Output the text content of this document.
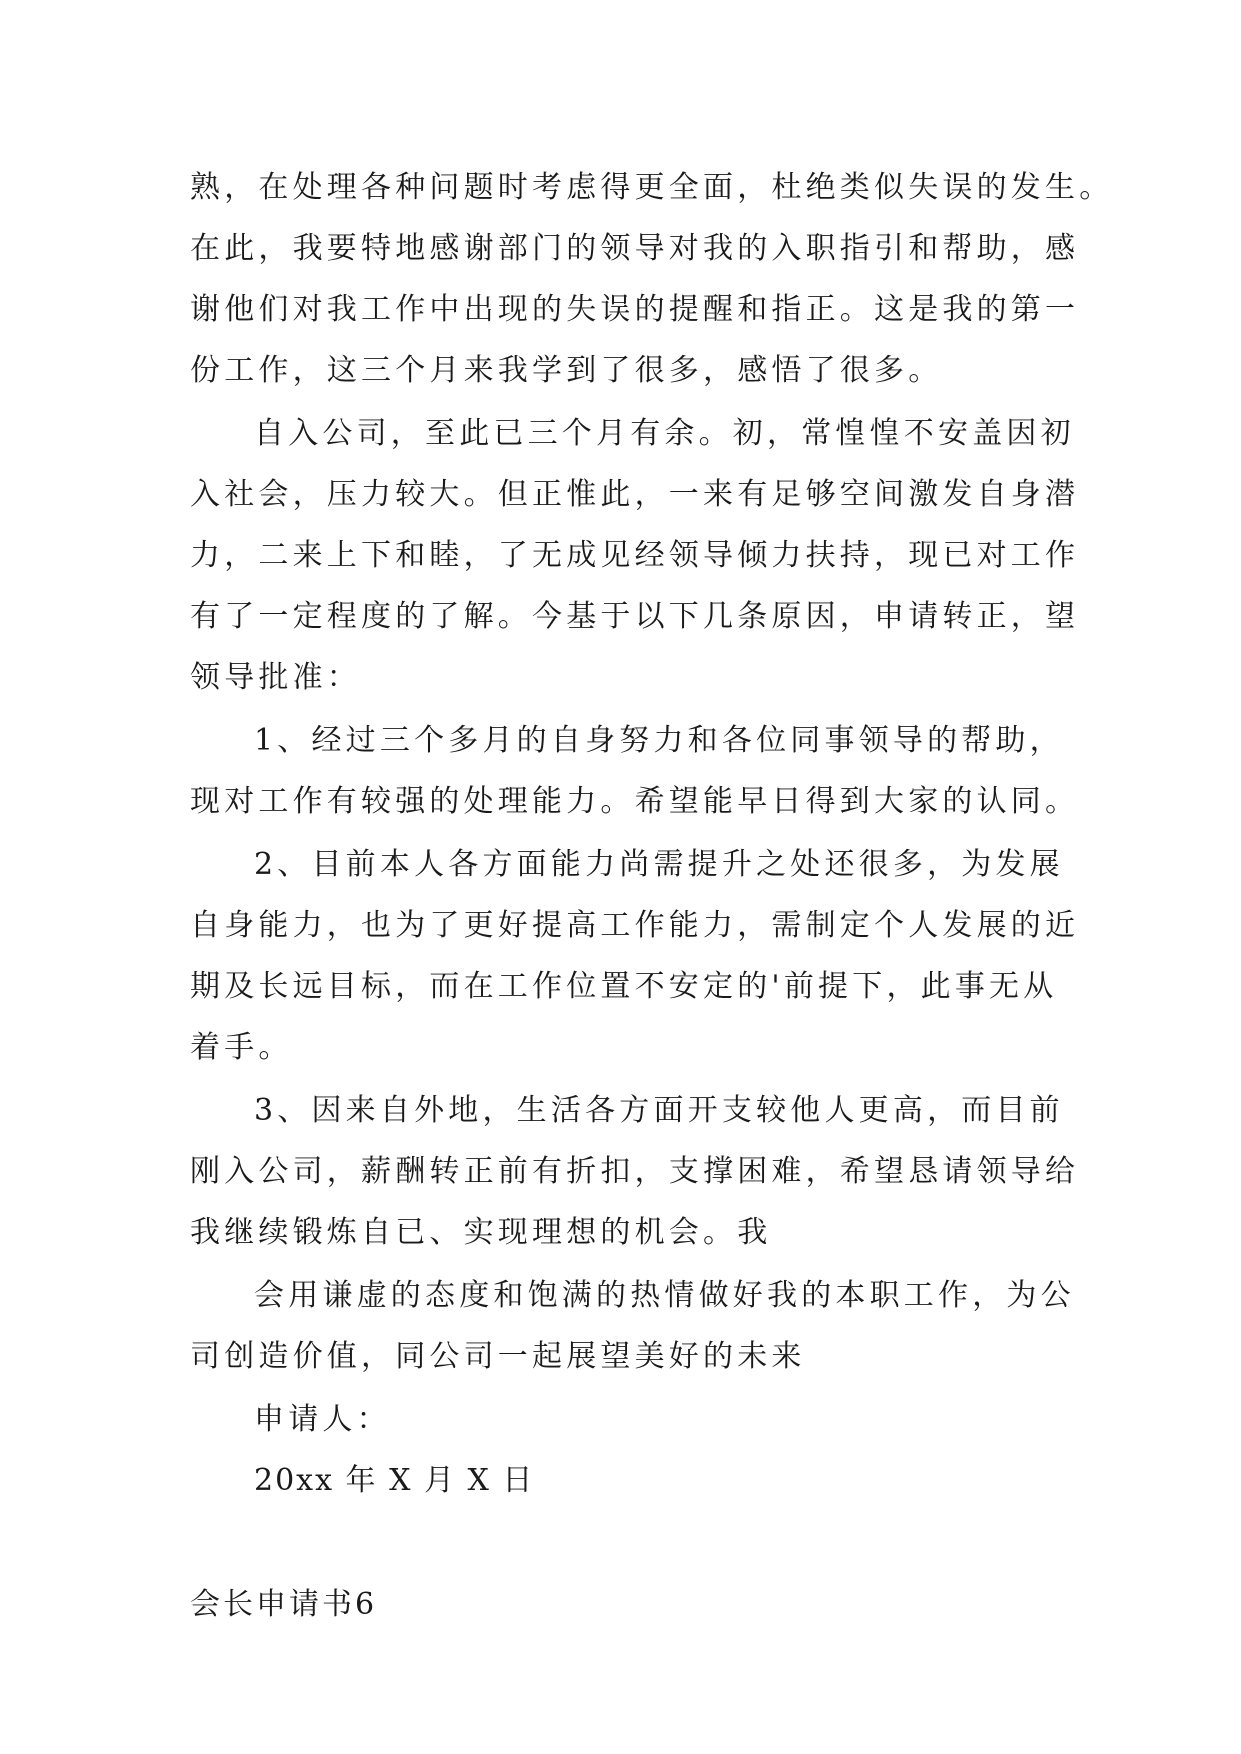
熟，在处理各种问题时考虑得更全面，杜绝类似失误的发生。
在此，我要特地感谢部门的领导对我的入职指引和帮助，感
谢他们对我工作中出现的失误的提醒和指正。这是我的第一
份工作，这三个月来我学到了很多，感悟了很多。
自入公司，至此已三个月有余。初，常惶惶不安盖因初
入社会，压力较大。但正惟此，一来有足够空间激发自身潜
力，二来上下和睦，了无成见经领导倾力扶持，现已对工作
有了一定程度的了解。今基于以下几条原因，申请转正，望
领导批准：
1、经过三个多月的自身努力和各位同事领导的帮助，
现对工作有较强的处理能力。希望能早日得到大家的认同。
2、目前本人各方面能力尚需提升之处还很多，为发展
自身能力，也为了更好提高工作能力，需制定个人发展的近
期及长远目标，而在工作位置不安定的'前提下，此事无从
着手。
3、因来自外地，生活各方面开支较他人更高，而目前
刚入公司，薪酬转正前有折扣，支撑困难，希望恳请领导给
我继续锻炼自已、实现理想的机会。我
会用谦虚的态度和饱满的热情做好我的本职工作，为公
司创造价值，同公司一起展望美好的未来
申请人：
20xx 年 X 月 X 日
会长申请书6
